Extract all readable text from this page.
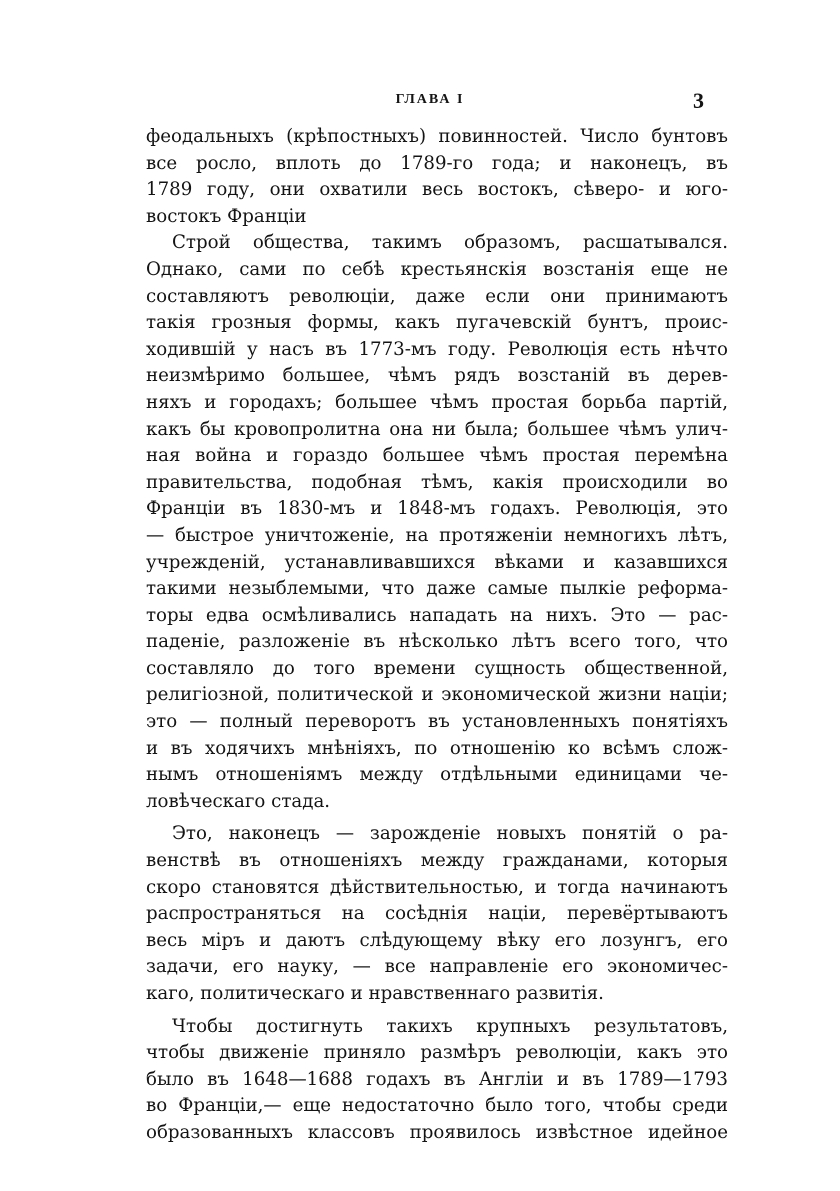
ГЛАВА I	3
феодальныхъ (крѣпостныхъ) повинностей. Число бунтовъ
все росло, вплоть до 1789-го года; и наконецъ, въ
1789 году, они охватили весь востокъ, сѣверо- и юго-
востокъ Франціи
Строй общества, такимъ образомъ, расшатывался.
Однако, сами по себѣ крестьянскія возстанія еще не
составляютъ революціи, даже если они принимаютъ
такія грозныя формы, какъ пугачевскій бунтъ, проис-
ходившій у насъ въ 1773-мъ году. Революція есть нѣчто
неизмѣримо большее, чѣмъ рядъ возстаній въ дерев-
няхъ и городахъ; большее чѣмъ простая борьба партій,
какъ бы кровопролитна она ни была; большее чѣмъ улич-
ная война и гораздо большее чѣмъ простая перемѣна
правительства, подобная тѣмъ, какія происходили во
Франціи въ 1830-мъ и 1848-мъ годахъ. Революція, это
— быстрое уничтоженіе, на протяженіи немногихъ лѣтъ,
учрежденій, устанавливавшихся вѣками и казавшихся
такими незыблемыми, что даже самые пылкіе реформа-
торы едва осмѣливались нападать на нихъ. Это — рас-
паденіе, разложеніе въ нѣсколько лѣтъ всего того, что
составляло до того времени сущность общественной,
религіозной, политической и экономической жизни націи;
это — полный переворотъ въ установленныхъ понятіяхъ
и въ ходячихъ мнѣніяхъ, по отношенію ко всѣмъ слож-
нымъ отношеніямъ между отдѣльными единицами че-
ловѣческаго стада.
Это, наконецъ — зарожденіе новыхъ понятій о ра-
венствѣ въ отношеніяхъ между гражданами, которыя
скоро становятся дѣйствительностью, и тогда начинаютъ
распространяться на сосѣднія націи, перевёртываютъ
весь міръ и даютъ слѣдующему вѣку его лозунгъ, его
задачи, его науку, — все направленіе его экономичес-
каго, политическаго и нравственнаго развитія.
Чтобы достигнуть такихъ крупныхъ результатовъ,
чтобы движеніе приняло размѣръ революціи, какъ это
было въ 1648—1688 годахъ въ Англіи и въ 1789—1793
во Франціи,— еще недостаточно было того, чтобы среди
образованныхъ классовъ проявилось извѣстное идейное
